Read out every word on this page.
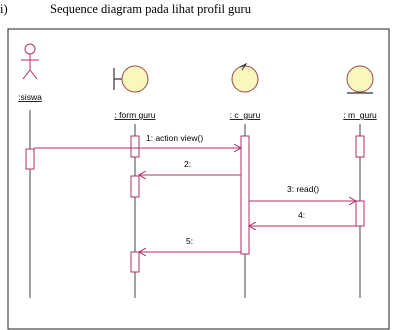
i)	Sequence diagram pada lihat profil guru
:siswa
: form guru	: c_guru	: m_guru
1: action view()
2:
3: read()
4:
5:
